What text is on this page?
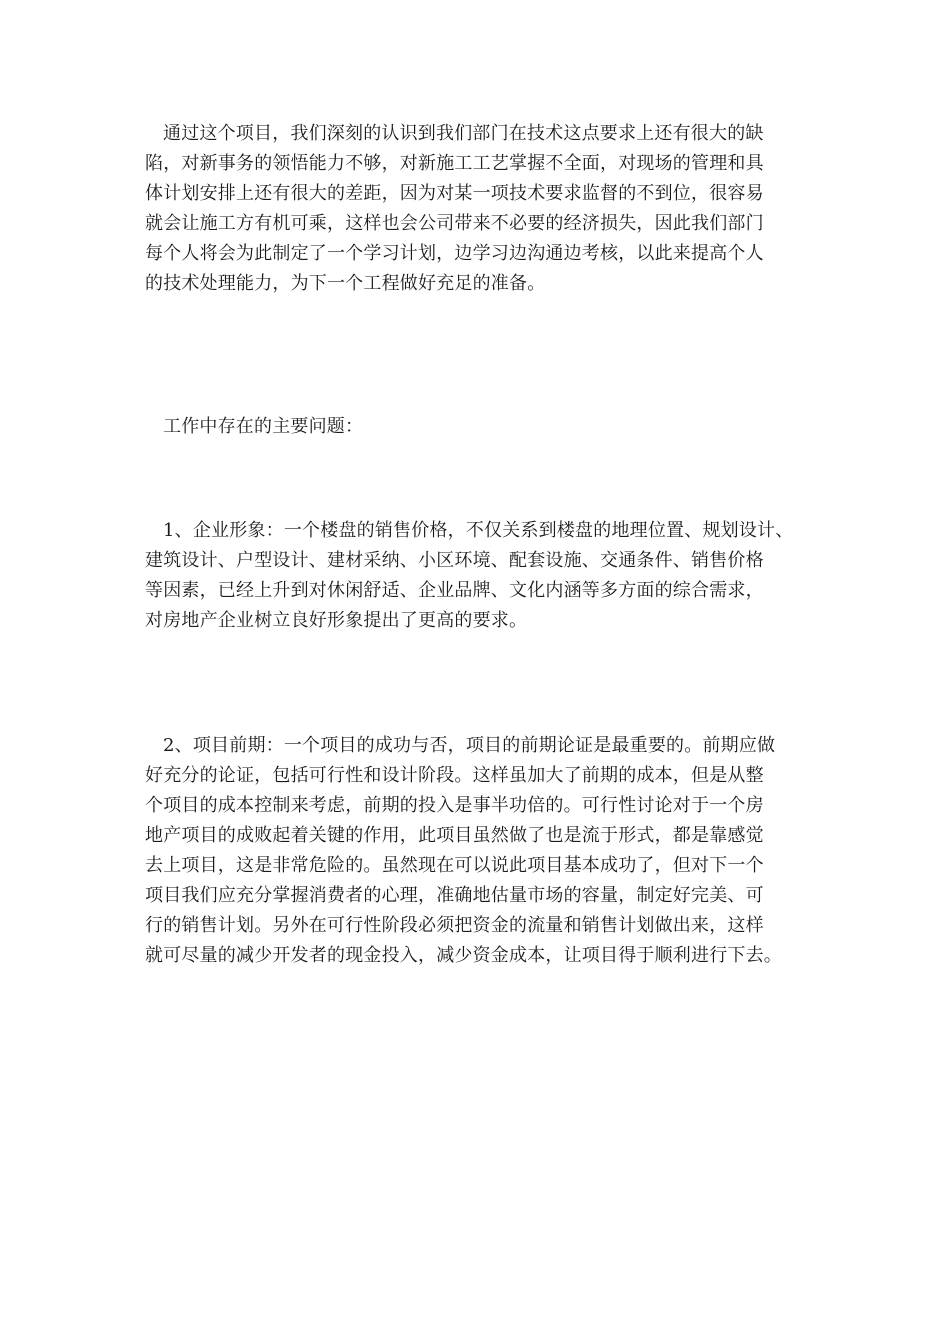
通过这个项目，我们深刻的认识到我们部门在技术这点要求上还有很大的缺
陷，对新事务的领悟能力不够，对新施工工艺掌握不全面，对现场的管理和具
体计划安排上还有很大的差距，因为对某一项技术要求监督的不到位，很容易
就会让施工方有机可乘，这样也会公司带来不必要的经济损失，因此我们部门
每个人将会为此制定了一个学习计划，边学习边沟通边考核，以此来提高个人
的技术处理能力，为下一个工程做好充足的准备。
工作中存在的主要问题：
1、企业形象：一个楼盘的销售价格，不仅关系到楼盘的地理位置、规划设计、
建筑设计、户型设计、建材采纳、小区环境、配套设施、交通条件、销售价格
等因素，已经上升到对休闲舒适、企业品牌、文化内涵等多方面的综合需求，
对房地产企业树立良好形象提出了更高的要求。
2、项目前期：一个项目的成功与否，项目的前期论证是最重要的。前期应做
好充分的论证，包括可行性和设计阶段。这样虽加大了前期的成本，但是从整
个项目的成本控制来考虑，前期的投入是事半功倍的。可行性讨论对于一个房
地产项目的成败起着关键的作用，此项目虽然做了也是流于形式，都是靠感觉
去上项目，这是非常危险的。虽然现在可以说此项目基本成功了，但对下一个
项目我们应充分掌握消费者的心理，准确地估量市场的容量，制定好完美、可
行的销售计划。另外在可行性阶段必须把资金的流量和销售计划做出来，这样
就可尽量的减少开发者的现金投入，减少资金成本，让项目得于顺利进行下去。
